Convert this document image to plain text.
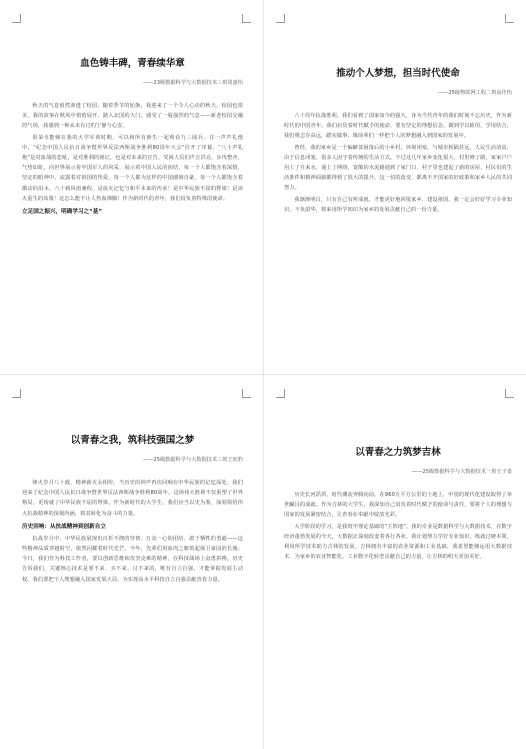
血色铸丰碑，青春续华章
——23级数据科学与大数据技术三班周嘉怡

秋天的气息悄然渗透了校园，随着季节的轮换，我迎来了一个令人心动的秋天。校园也很美，我的故事在秋风中悄悄展开。踏入北国的大门，感受了一股强烈的气息——新老校园交融的气场，我感到一种从未有过的宁静与心安。

很荣幸能够在我的大学军训时期，可以和所有新生一起观看九三阅兵。在一声声礼炮中，“纪念中国人民抗日战争暨世界反法西斯战争胜利80周年大会”拉开了序幕。“八十声礼炮”是对血战的悲吼，是对胜利的铭记，也是对未来的宣告。受阅人员们声音洪亮，步伐整齐，气势如虹，向世界展示着中国军人的风采，展示着中国人民的团结，每一个人都饱含着深情，坚定的眼神中，流露着对祖国的热爱。每一个人都为这样的中国感到自豪，每一个人都饱含着激动的泪水。八十载风雨兼程，是血火记忆与和平未来的传承！是中华民族不屈的脊梁！是浴火重生的凤凰！这怎么能不让人热血沸腾！作为新时代的青年，我们肩负着特殊的使命。

立足国之振兴，明确学习之“基”
推动个人梦想，担当时代使命
——25级物联网工程二班高佳怡

八十周年抗战胜利，我们看到了国家如今的强大，身为当代青年的我们时刻不忘历史，作为新时代的中国青年，我们肩负着时代赋予的使命，要有坚定的理想信念，做到学以致用、学用结合，我们将志存高远，踏实做事，像前辈们一样把个人的梦想融入到国家的发展中。

曾经，我的家乡是一个偏僻贫困落后的小乡村，环境闭塞，与城市相隔甚远，人民生活清贫，由于信息闭塞，很多人固守着传统的生活方式。不过这几年家乡变化很大，村里修了路，家家户户用上了自来水，通上了网络，宽敞的水泥路通到了家门口，村子里也建起了新的房屋，村民们的生活条件和精神面貌都得到了很大的提升。这一切的改变，都离不开国家的好政策和家乡人民的共同努力。

我渐渐明白，只有自己有所成就，才能更好地回报家乡，建设祖国。我一定会好好学习专业知识，不负韶华，将来用所学知识为家乡的发展贡献自己的一份力量。

以青春之我，筑科技强国之梦
——25级数据科学与大数据技术三班王轮豹

烽火岁月八十载，精神薪火永相传。当历史的钟声再次回响在中华民族的记忆深处，我们迎来了纪念中国人民抗日战争暨世界反法西斯战争胜利80周年。这场伟大胜利不仅重塑了世界格局，更铸就了中华民族不屈的脊梁。作为新时代的大学生，我们应当以史为鉴，深刻领悟伟大抗战精神的深刻内涵，将其转化为奋斗的力量。

历史回响：从抗战精神到创新自立

抗战岁月中，中华民族展现出百折不挠的坚韧、万众一心的团结、敢于牺牲的勇毅——这些精神品质穿越时空，依然闪耀着时代光芒。今年，先辈们用血肉之躯筑起保卫家园的长城；今日，我们作为科技工作者，要以创新思维和攻坚克难的精神，在科技战场上奋勇拼搏。历史告诉我们，关键核心技术是要不来、买不来、讨不来的，唯有自立自强，才能掌握发展主动权。我们要把个人理想融入国家发展大局，为实现高水平科技自立自强贡献青春力量。

以青春之力筑梦吉林
——25级数据科学与大数据技术一班王子柔

历史长河滔滔，时代潮流奔腾向前。在960万平方公里的土地上，中国的现代化建设取得了举世瞩目的成就。作为吉林的大学生，我深知自己肩负着时代赋予的使命与责任，要将个人的理想与国家的发展紧密结合，让青春在奉献中绽放光彩。

大学阶段的学习，是我筑牢理论基础的“主阵地”。我的专业是数据科学与大数据技术，在数字经济蓬勃发展的今天，大数据正深刻改变着各行各业。我计划努力学好专业知识，练就过硬本领，利用所学技术助力吉林的发展。吉林拥有丰富的农业资源和工业基础，我希望能够运用大数据技术，为家乡的农业智能化、工业数字化转型贡献自己的力量，让吉林的明天更加美好。
